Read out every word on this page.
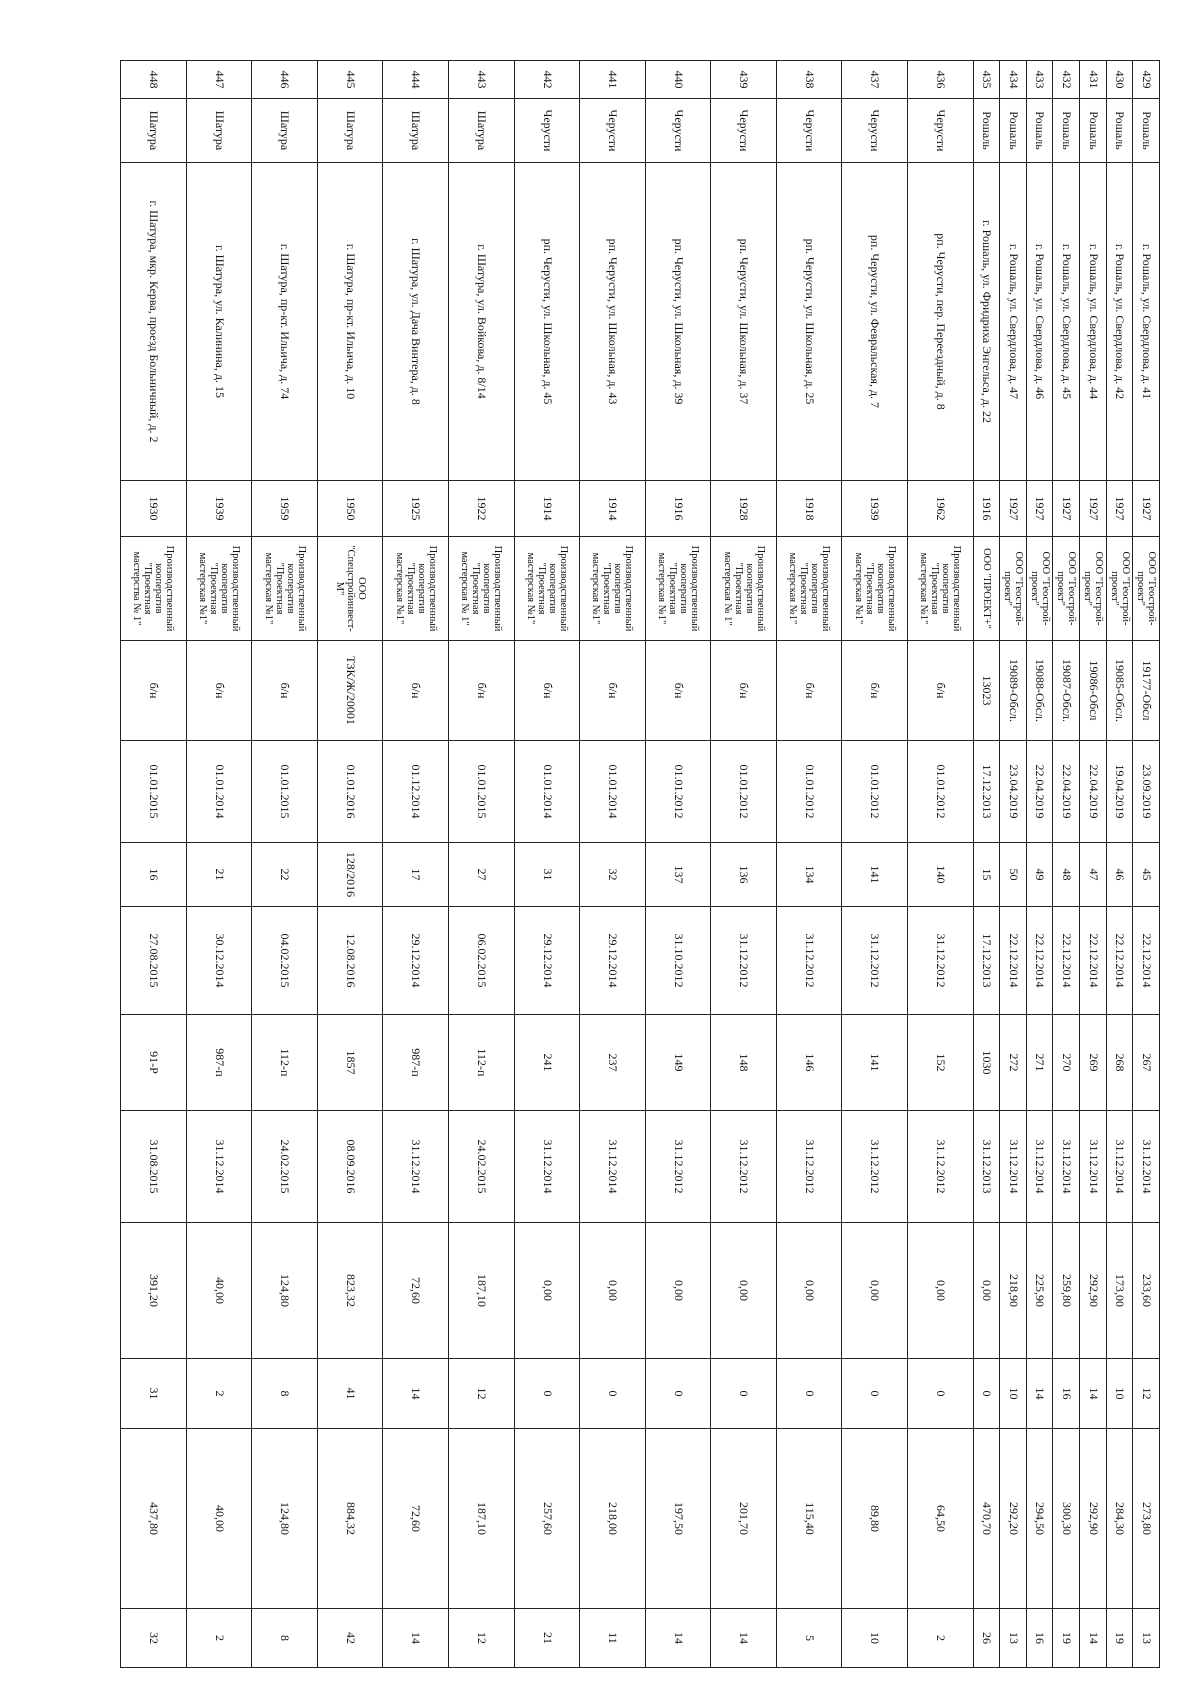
429	Рошаль	г. Рошаль, ул. Свердлова, д. 41	1927	ООО "Геострой-проект"	19177-Обсл	23.09.2019	45	22.12.2014	267	31.12.2014	233,60	12	273,80	13
430	Рошаль	г. Рошаль, ул. Свердлова, д. 42	1927	ООО "Геострой-проект"	19085-Обсл.	19.04.2019	46	22.12.2014	268	31.12.2014	173,00	10	284,30	19
431	Рошаль	г. Рошаль, ул. Свердлова, д. 44	1927	ООО "Геострой-проект"	19086-Обсл	22.04.2019	47	22.12.2014	269	31.12.2014	292,90	14	292,90	14
432	Рошаль	г. Рошаль, ул. Свердлова, д. 45	1927	ООО "Геострой-проект"	19087-Обсл.	22.04.2019	48	22.12.2014	270	31.12.2014	259,80	16	300,30	19
433	Рошаль	г. Рошаль, ул. Свердлова, д. 46	1927	ООО "Геострой-проект"	19088-Обсл.	22.04.2019	49	22.12.2014	271	31.12.2014	225,90	14	294,50	16
434	Рошаль	г. Рошаль, ул. Свердлова, д. 47	1927	ООО "Геострой-проект"	19089-Обсл.	23.04.2019	50	22.12.2014	272	31.12.2014	218,90	10	292,20	13
435	Рошаль	г. Рошаль, ул. Фридриха Энгельса, д. 22	1916	ООО "ПРОЕКТ+"	13023	17.12.2013	15	17.12.2013	1030	31.12.2013	0,00	0	470,70	26
436	Черусти	рп. Черусти, пер. Переездный, д. 8	1962	Производственный кооператив "Проектная мастерская №1"	б/н	01.01.2012	140	31.12.2012	152	31.12.2012	0,00	0	64,50	2
437	Черусти	рп. Черусти, ул. Февральская, д. 7	1939	Производственный кооператив "Проектная мастерская №1"	б/н	01.01.2012	141	31.12.2012	141	31.12.2012	0,00	0	89,80	10
438	Черусти	рп. Черусти, ул. Школьная, д. 25	1918	Производственный кооператив "Проектная мастерская №1"	б/н	01.01.2012	134	31.12.2012	146	31.12.2012	0,00	0	115,40	5
439	Черусти	рп. Черусти, ул. Школьная, д. 37	1928	Производственный кооператив "Проектная мастерская № 1"	б/н	01.01.2012	136	31.12.2012	148	31.12.2012	0,00	0	201,70	14
440	Черусти	рп. Черусти, ул. Школьная, д. 39	1916	Производственный кооператив "Проектная мастерская №1"	б/н	01.01.2012	137	31.10.2012	149	31.12.2012	0,00	0	197,50	14
441	Черусти	рп. Черусти, ул. Школьная, д. 43	1914	Производственный кооператив "Проектная мастерская №1"	б/н	01.01.2014	32	29.12.2014	237	31.12.2014	0,00	0	218,00	11
442	Черусти	рп. Черусти, ул. Школьная, д. 45	1914	Производственный кооператив "Проектная мастерская №1"	б/н	01.01.2014	31	29.12.2014	241	31.12.2014	0,00	0	257,60	21
443	Шатура	г. Шатура, ул. Войкова, д. 8/14	1922	Производственный кооператив "Проектная мастерская № 1"	б/н	01.01.2015	27	06.02.2015	112-п	24.02.2015	187,10	12	187,10	12
444	Шатура	г. Шатура, ул. Дача Винтера, д. 8	1925	Производственный кооператив "Проектная мастерская №1"	б/н	01.12.2014	17	29.12.2014	987-п	31.12.2014	72,60	14	72,60	14
445	Шатура	г. Шатура, пр-кт. Ильича, д. 10	1950	ООО "Спецстройинвест-М"	ТЗК/Ж/20001	01.01.2016	128/2016	12.08.2016	1857	08.09.2016	823,32	41	884,32	42
446	Шатура	г. Шатура, пр-кт. Ильича, д. 74	1959	Производственный кооператив "Проектная мастерская №1"	б/н	01.01.2015	22	04.02.2015	112-п	24.02.2015	124,80	8	124,80	8
447	Шатура	г. Шатура, ул. Калинина, д. 15	1939	Производственный кооператив "Проектная мастерская №1"	б/н	01.01.2014	21	30.12.2014	987-п	31.12.2014	40,00	2	40,00	2
448	Шатура	г. Шатура, мкр. Керва, проезд Больничный, д. 2	1930	Производственный кооператив "Проектная мастерства № 1"	б/н	01.01.2015	16	27.08.2015	91-Р	31.08.2015	391,20	31	437,80	32
